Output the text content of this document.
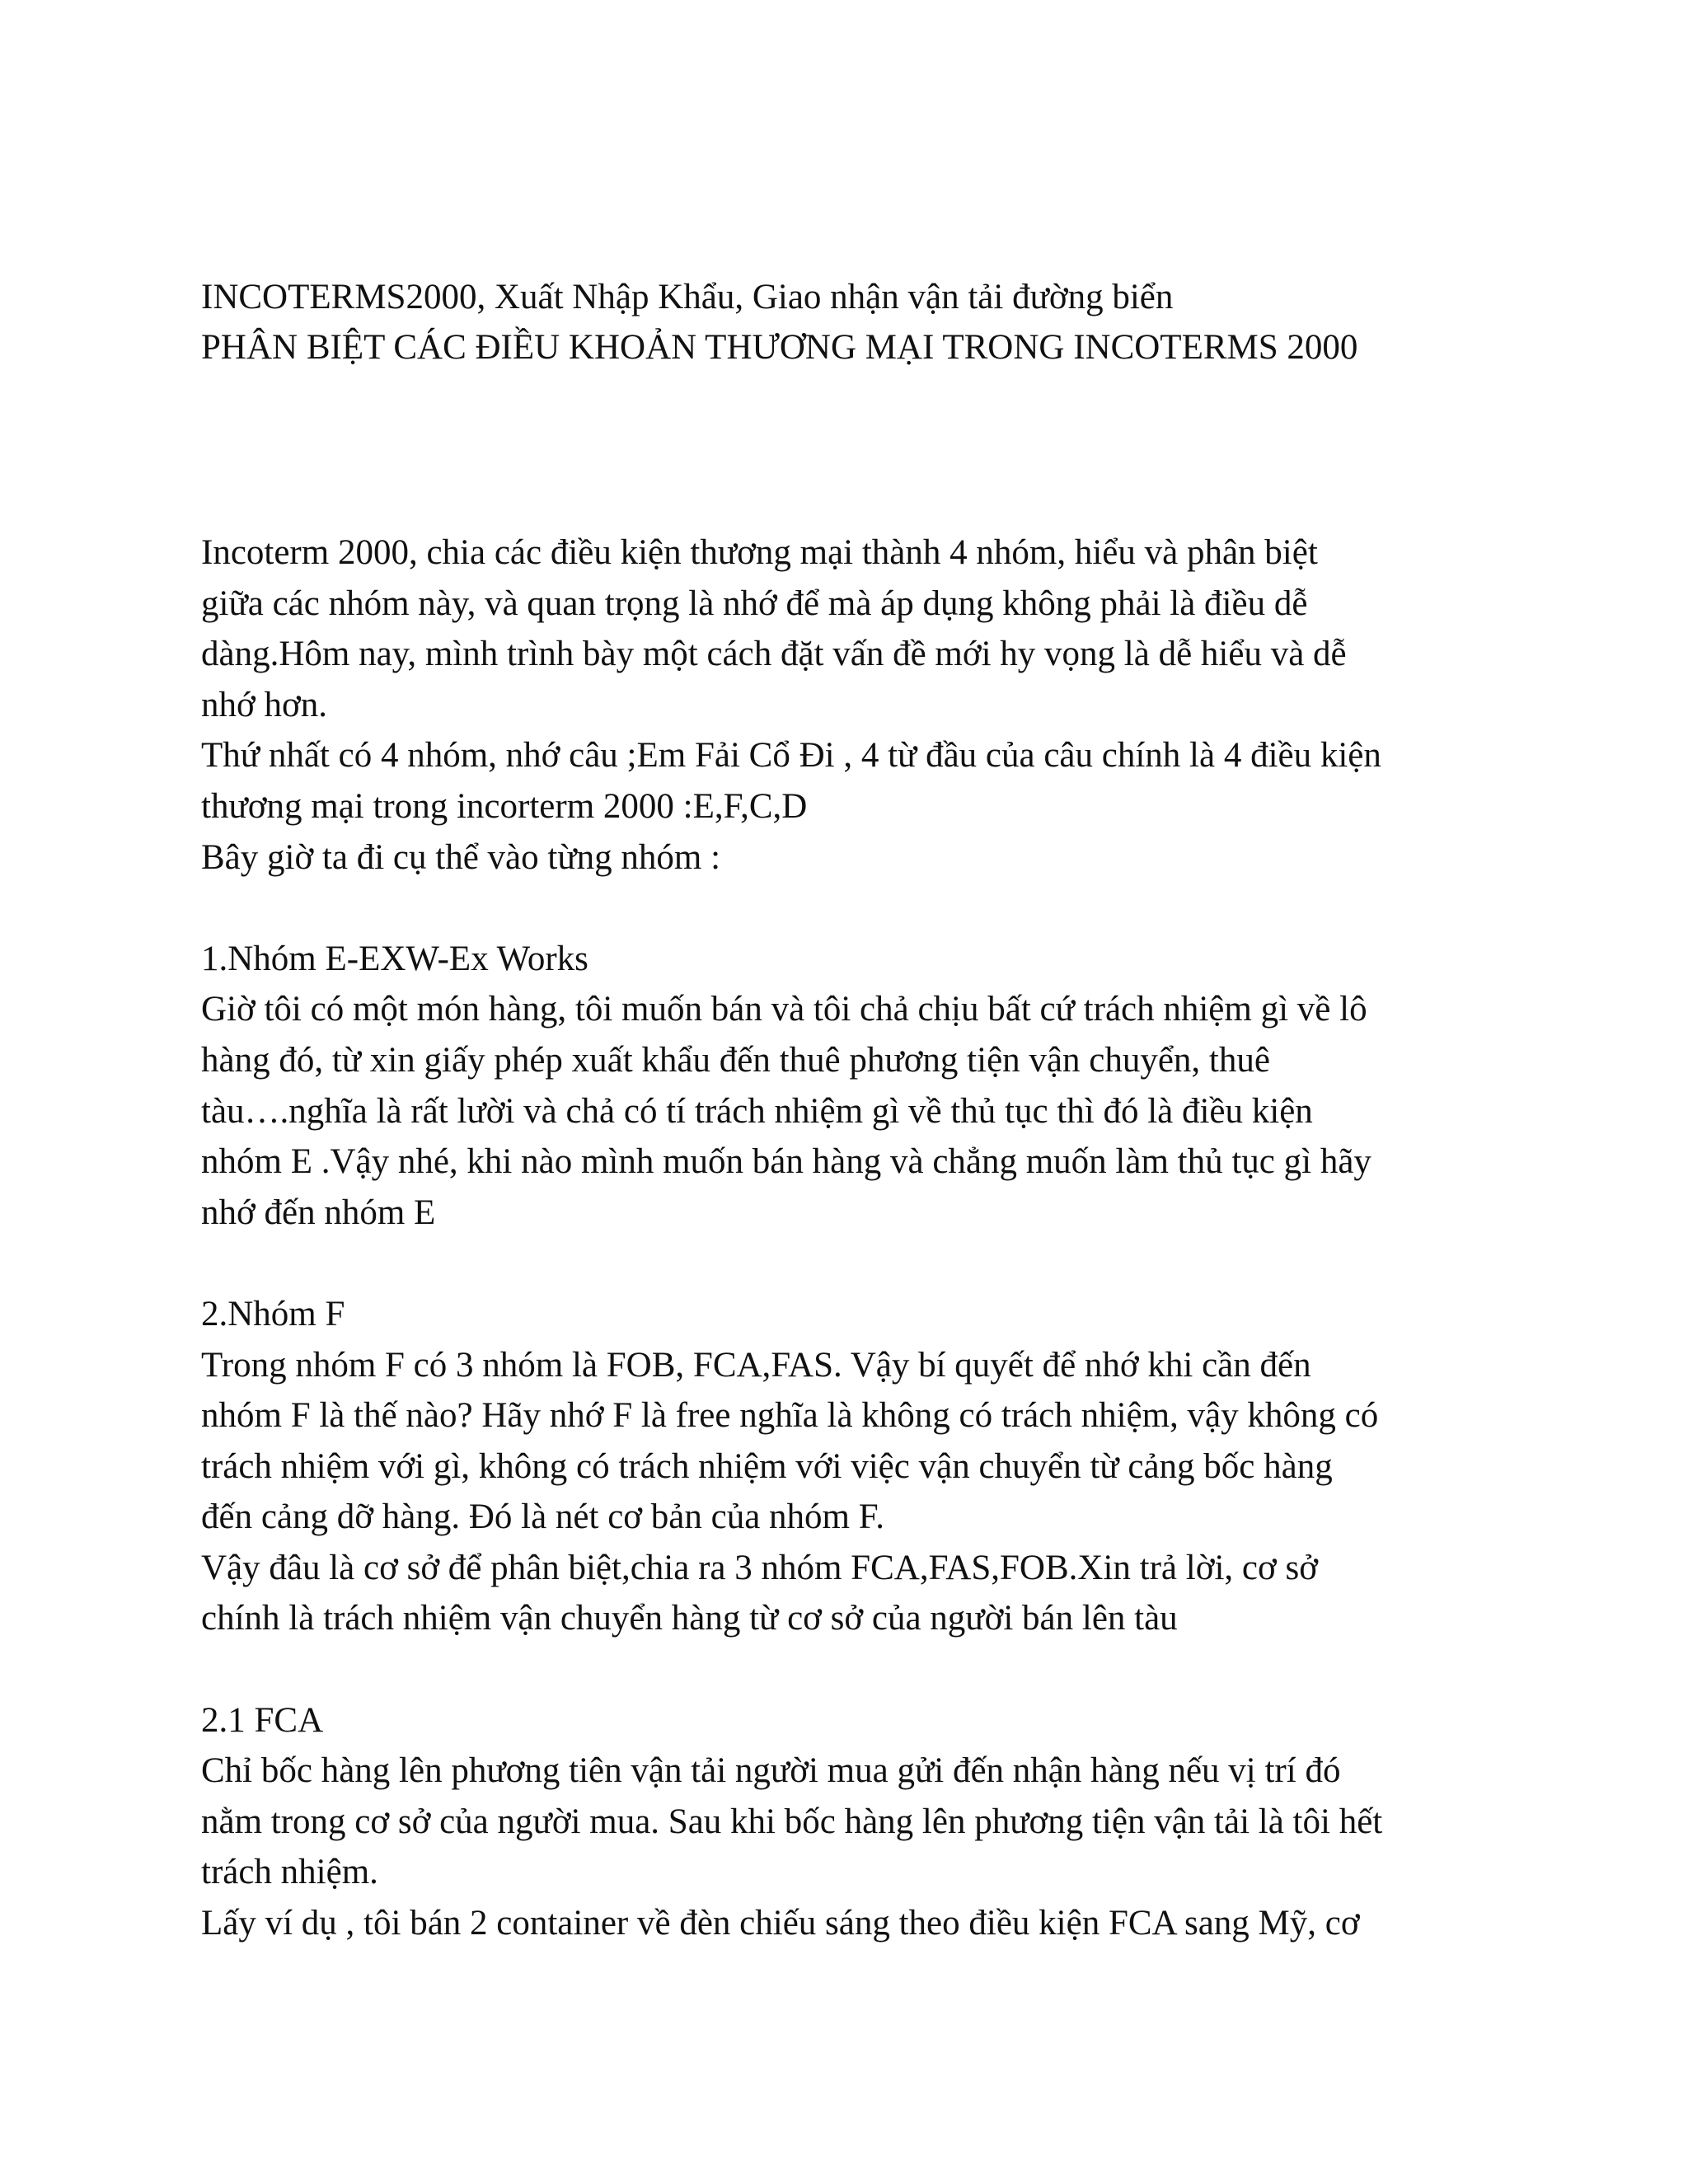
INCOTERMS2000, Xuất Nhập Khẩu, Giao nhận vận tải đường biển

PHÂN BIỆT CÁC ĐIỀU KHOẢN THƯƠNG MẠI TRONG INCOTERMS 2000

Incoterm 2000, chia các điều kiện thương mại thành 4 nhóm, hiểu và phân biệt

giữa các nhóm này, và quan trọng là nhớ để mà áp dụng không phải là điều dễ

dàng.Hôm nay, mình trình bày một cách đặt vấn đề mới hy vọng là dễ hiểu và dễ

nhớ hơn.

Thứ nhất có 4 nhóm, nhớ câu ;Em Fải Cổ Đi , 4 từ đầu của câu chính là 4 điều kiện

thương mại trong incorterm 2000 :E,F,C,D

Bây giờ ta đi cụ thể vào từng nhóm :

1.Nhóm E-EXW-Ex Works

Giờ tôi có một món hàng, tôi muốn bán và tôi chả chịu bất cứ trách nhiệm gì về lô

hàng đó, từ xin giấy phép xuất khẩu đến thuê phương tiện vận chuyển, thuê

tàu….nghĩa là rất lười và chả có tí trách nhiệm gì về thủ tục thì đó là điều kiện

nhóm E .Vậy nhé, khi nào mình muốn bán hàng và chẳng muốn làm thủ tục gì hãy

nhớ đến nhóm E

2.Nhóm F

Trong nhóm F có 3 nhóm là FOB, FCA,FAS. Vậy bí quyết để nhớ khi cần đến

nhóm F là thế nào? Hãy nhớ F là free nghĩa là không có trách nhiệm, vậy không có

trách nhiệm với gì, không có trách nhiệm với việc vận chuyển từ cảng bốc hàng

đến cảng dỡ hàng. Đó là nét cơ bản của nhóm F.

Vậy đâu là cơ sở để phân biệt,chia ra 3 nhóm FCA,FAS,FOB.Xin trả lời, cơ sở

chính là trách nhiệm vận chuyển hàng từ cơ sở của người bán lên tàu

2.1 FCA

Chỉ bốc hàng lên phương tiên vận tải người mua gửi đến nhận hàng nếu vị trí đó

nằm trong cơ sở của người mua. Sau khi bốc hàng lên phương tiện vận tải là tôi hết

trách nhiệm.

Lấy ví dụ , tôi bán 2 container về đèn chiếu sáng theo điều kiện FCA sang Mỹ, cơ
